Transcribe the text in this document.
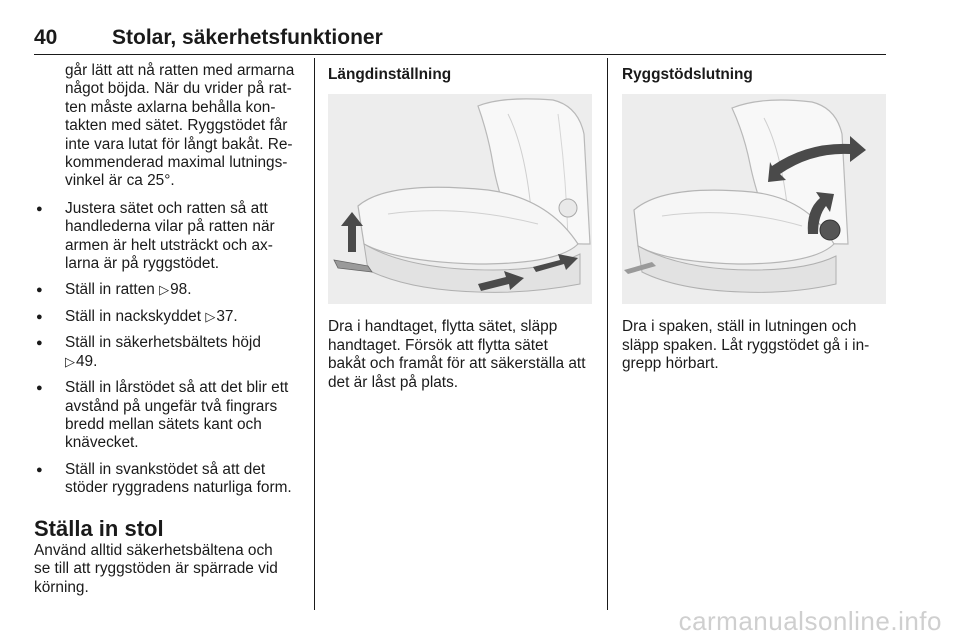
40	Stolar, säkerhetsfunktioner

går lätt att nå ratten med armarna
något böjda. När du vrider på rat-
ten måste axlarna behålla kon-
takten med sätet. Ryggstödet får
inte vara lutat för långt bakåt. Re-
kommenderad maximal lutnings-
vinkel är ca 25°.

● Justera sätet och ratten så att
handlederna vilar på ratten när
armen är helt utsträckt och ax-
larna är på ryggstödet.
● Ställ in ratten ▷98.
● Ställ in nackskyddet ▷37.
● Ställ in säkerhetsbältets höjd
▷49.
● Ställ in lårstödet så att det blir ett
avstånd på ungefär två fingrars
bredd mellan sätets kant och
knävecket.
● Ställ in svankstödet så att det
stöder ryggradens naturliga form.
Ställa in stol

Använd alltid säkerhetsbältena och
se till att ryggstöden är spärrade vid
körning.

Längdinställning

Dra i handtaget, flytta sätet, släpp
handtaget. Försök att flytta sätet
bakåt och framåt för att säkerställa att
det är låst på plats.

Ryggstödslutning

Dra i spaken, ställ in lutningen och
släpp spaken. Låt ryggstödet gå i in-
grepp hörbart.

carmanualsonline.info
